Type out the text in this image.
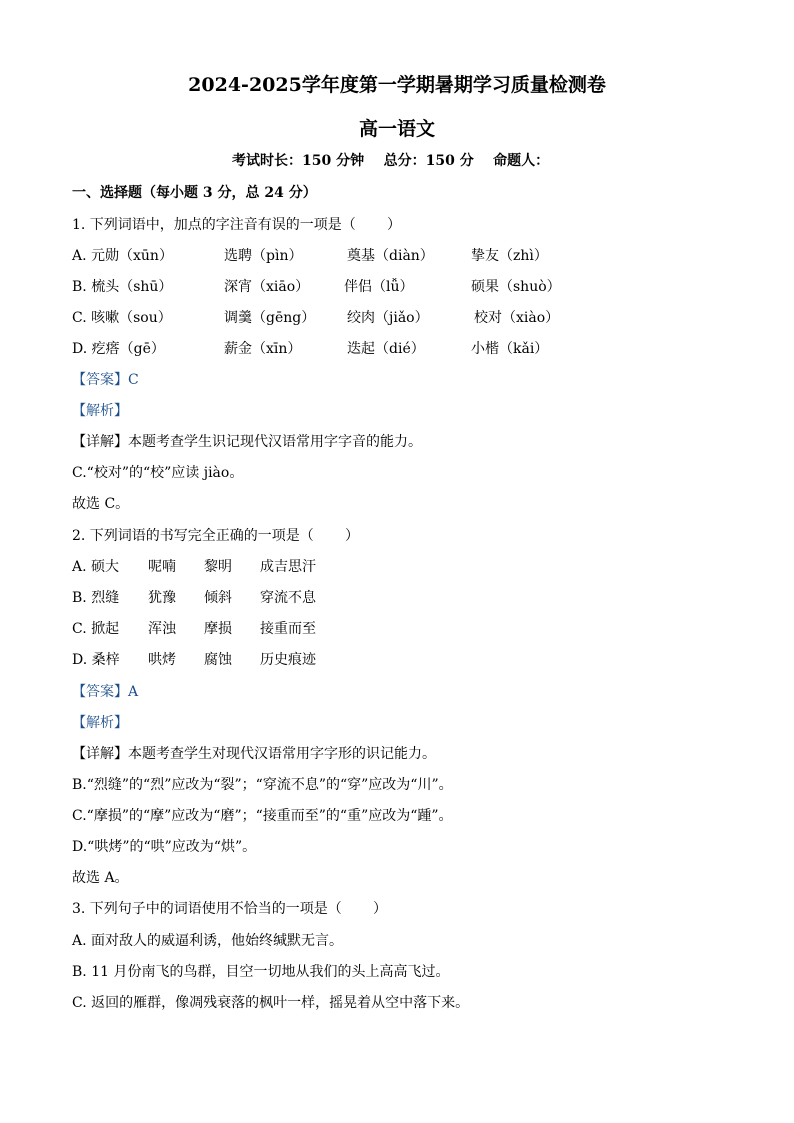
2024-2025学年度第一学期暑期学习质量检测卷
高一语文
考试时长：150 分钟    总分：150 分    命题人：
一、选择题（每小题 3 分，总 24 分）
1. 下列词语中，加点的字注音有误的一项是（       ）
A. 元勋（xūn）	选聘（pìn）	奠基（diàn）	挚友（zhì）
B. 梳头（shū）	深宵（xiāo） 伴侣（lǚ）	硕果（shuò）
C. 咳嗽（sou）	调羹（gēng） 绞肉（jiǎo）	校对（xiào）
D. 疙瘩（gē）	薪金（xīn）	迭起（dié）	小楷（kǎi）
【答案】C
【解析】
【详解】本题考查学生识记现代汉语常用字字音的能力。
C.“校对”的“校”应读 jiào。
故选 C。
2. 下列词语的书写完全正确的一项是（       ）
A. 硕大 呢喃 黎明 成吉思汗
B. 烈缝 犹豫 倾斜 穿流不息
C. 掀起 浑浊 摩损 接重而至
D. 桑梓 哄烤 腐蚀 历史痕迹
【答案】A
【解析】
【详解】本题考查学生对现代汉语常用字字形的识记能力。
B.“烈缝”的“烈”应改为“裂”；“穿流不息”的“穿”应改为“川”。
C.“摩损”的“摩”应改为“磨”；“接重而至”的“重”应改为“踵”。
D.“哄烤”的“哄”应改为“烘”。
故选 A。
3. 下列句子中的词语使用不恰当的一项是（       ）
A. 面对敌人的威逼利诱，他始终缄默无言。
B. 11 月份南飞的鸟群，目空一切地从我们的头上高高飞过。
C. 返回的雁群，像凋残衰落的枫叶一样，摇晃着从空中落下来。
